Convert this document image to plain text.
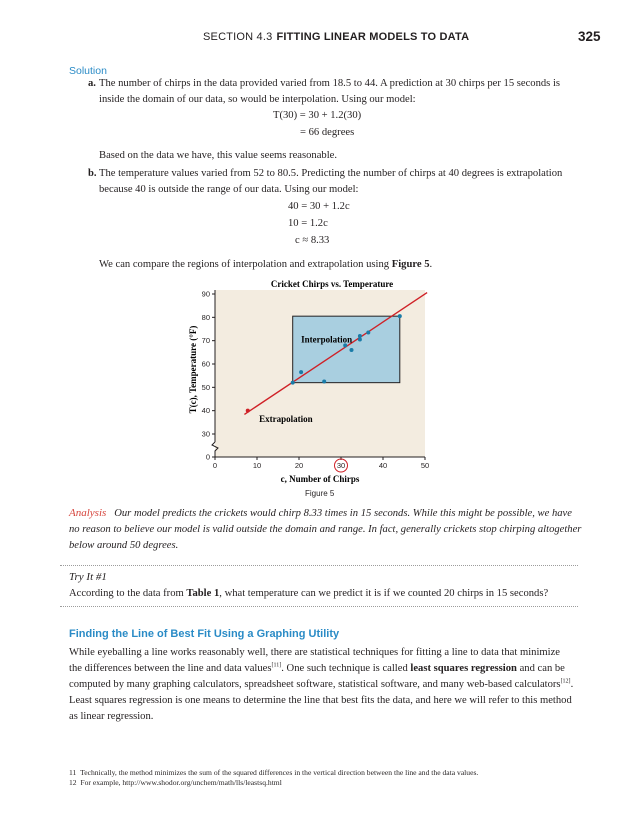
SECTION 4.3 FITTING LINEAR MODELS TO DATA	325
Solution
a. The number of chirps in the data provided varied from 18.5 to 44. A prediction at 30 chirps per 15 seconds is
inside the domain of our data, so would be interpolation. Using our model:
T(30) = 30 + 1.2(30)
= 66 degrees
Based on the data we have, this value seems reasonable.
b. The temperature values varied from 52 to 80.5. Predicting the number of chirps at 40 degrees is extrapolation
because 40 is outside the range of our data. Using our model:
40 = 30 + 1.2c
10 = 1.2c
c ≈ 8.33
We can compare the regions of interpolation and extrapolation using Figure 5.
0	10	20	30	40	50
0
30
40
50
60
70
80
90
Cricket Chirps vs. Temperature
Interpolation
Extrapolation
c, Number of Chirps
T(c), Temperature (°F)
Figure 5
Analysis Our model predicts the crickets would chirp 8.33 times in 15 seconds. While this might be possible, we have
no reason to believe our model is valid outside the domain and range. In fact, generally crickets stop chirping altogether
below around 50 degrees.
Try It #1
According to the data from Table 1, what temperature can we predict it is if we counted 20 chirps in 15 seconds?
Finding the Line of Best Fit Using a Graphing Utility
While eyeballing a line works reasonably well, there are statistical techniques for fitting a line to data that minimize
the differences between the line and data values[11]. One such technique is called least squares regression and can be
computed by many graphing calculators, spreadsheet software, statistical software, and many web-based calculators[12].
Least squares regression is one means to determine the line that best fits the data, and here we will refer to this method
as linear regression.
11 Technically, the method minimizes the sum of the squared differences in the vertical direction between the line and the data values.
12 For example, http://www.shodor.org/unchem/math/lls/leastsq.html
